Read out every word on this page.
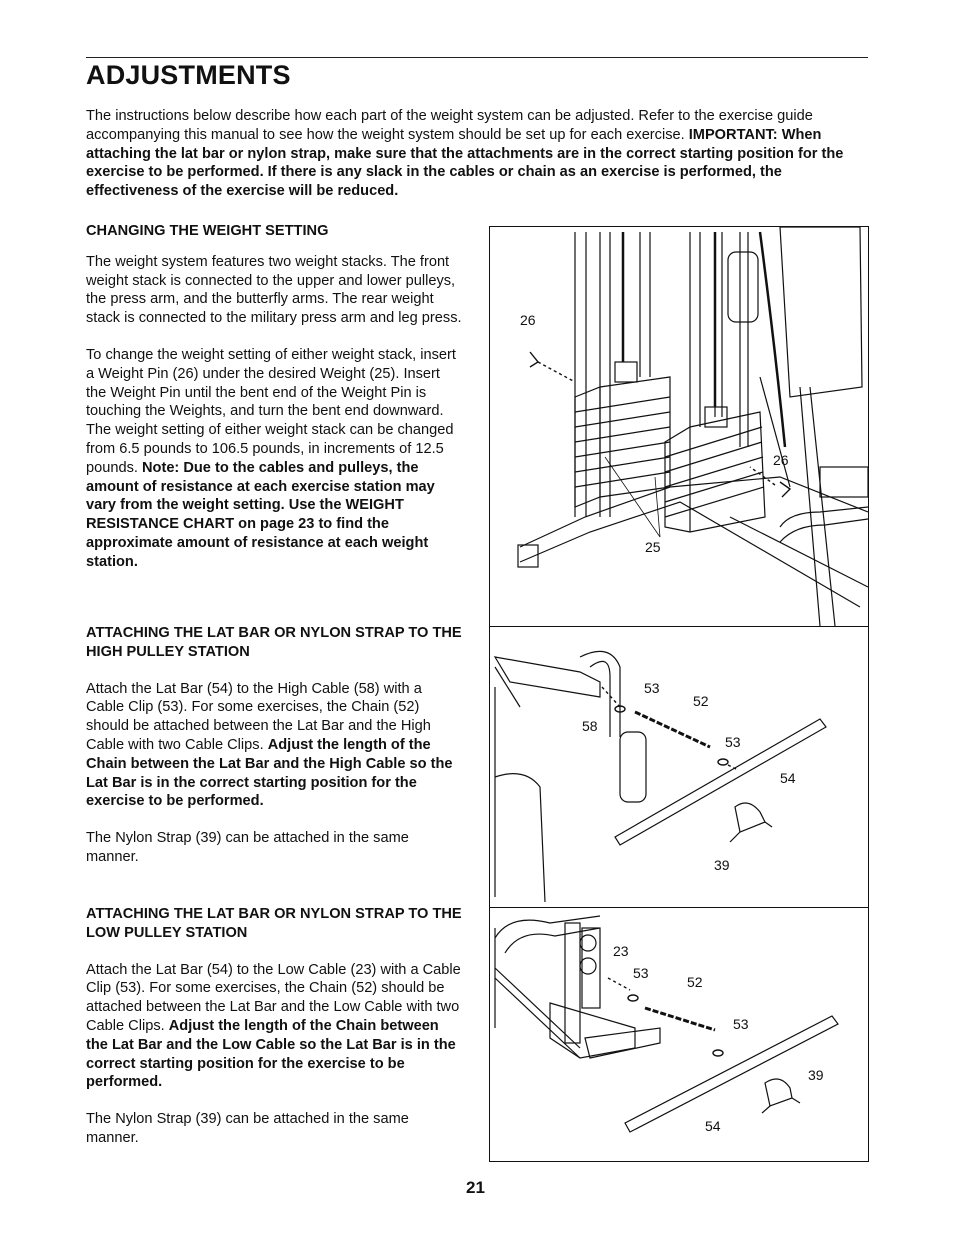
ADJUSTMENTS

The instructions below describe how each part of the weight system can be adjusted. Refer to the exercise guide accompanying this manual to see how the weight system should be set up for each exercise. IMPORTANT: When attaching the lat bar or nylon strap, make sure that the attachments are in the correct starting position for the exercise to be performed. If there is any slack in the cables or chain as an exercise is performed, the effectiveness of the exercise will be reduced.

CHANGING THE WEIGHT SETTING

The weight system features two weight stacks. The front weight stack is connected to the upper and lower pulleys, the press arm, and the butterfly arms. The rear weight stack is connected to the military press arm and leg press.

To change the weight setting of either weight stack, insert a Weight Pin (26) under the desired Weight (25). Insert the Weight Pin until the bent end of the Weight Pin is touching the Weights, and turn the bent end downward. The weight setting of either weight stack can be changed from 6.5 pounds to 106.5 pounds, in increments of 12.5 pounds. Note: Due to the cables and pulleys, the amount of resistance at each exercise station may vary from the weight setting. Use the WEIGHT RESISTANCE CHART on page 23 to find the approximate amount of resistance at each weight station.

ATTACHING THE LAT BAR OR NYLON STRAP TO THE HIGH PULLEY STATION

Attach the Lat Bar (54) to the High Cable (58) with a Cable Clip (53). For some exercises, the Chain (52) should be attached between the Lat Bar and the High Cable with two Cable Clips. Adjust the length of the Chain between the Lat Bar and the High Cable so the Lat Bar is in the correct starting position for the exercise to be performed.

The Nylon Strap (39) can be attached in the same manner.

ATTACHING THE LAT BAR OR NYLON STRAP TO THE LOW PULLEY STATION

Attach the Lat Bar (54) to the Low Cable (23) with a Cable Clip (53). For some exercises, the Chain (52) should be attached between the Lat Bar and the Low Cable with two Cable Clips. Adjust the length of the Chain between the Lat Bar and the Low Cable so the Lat Bar is in the correct starting position for the exercise to be performed.

The Nylon Strap (39) can be attached in the same manner.

26
26
25
53
52
58
53
54
39
23
53
52
53
39
54
21
